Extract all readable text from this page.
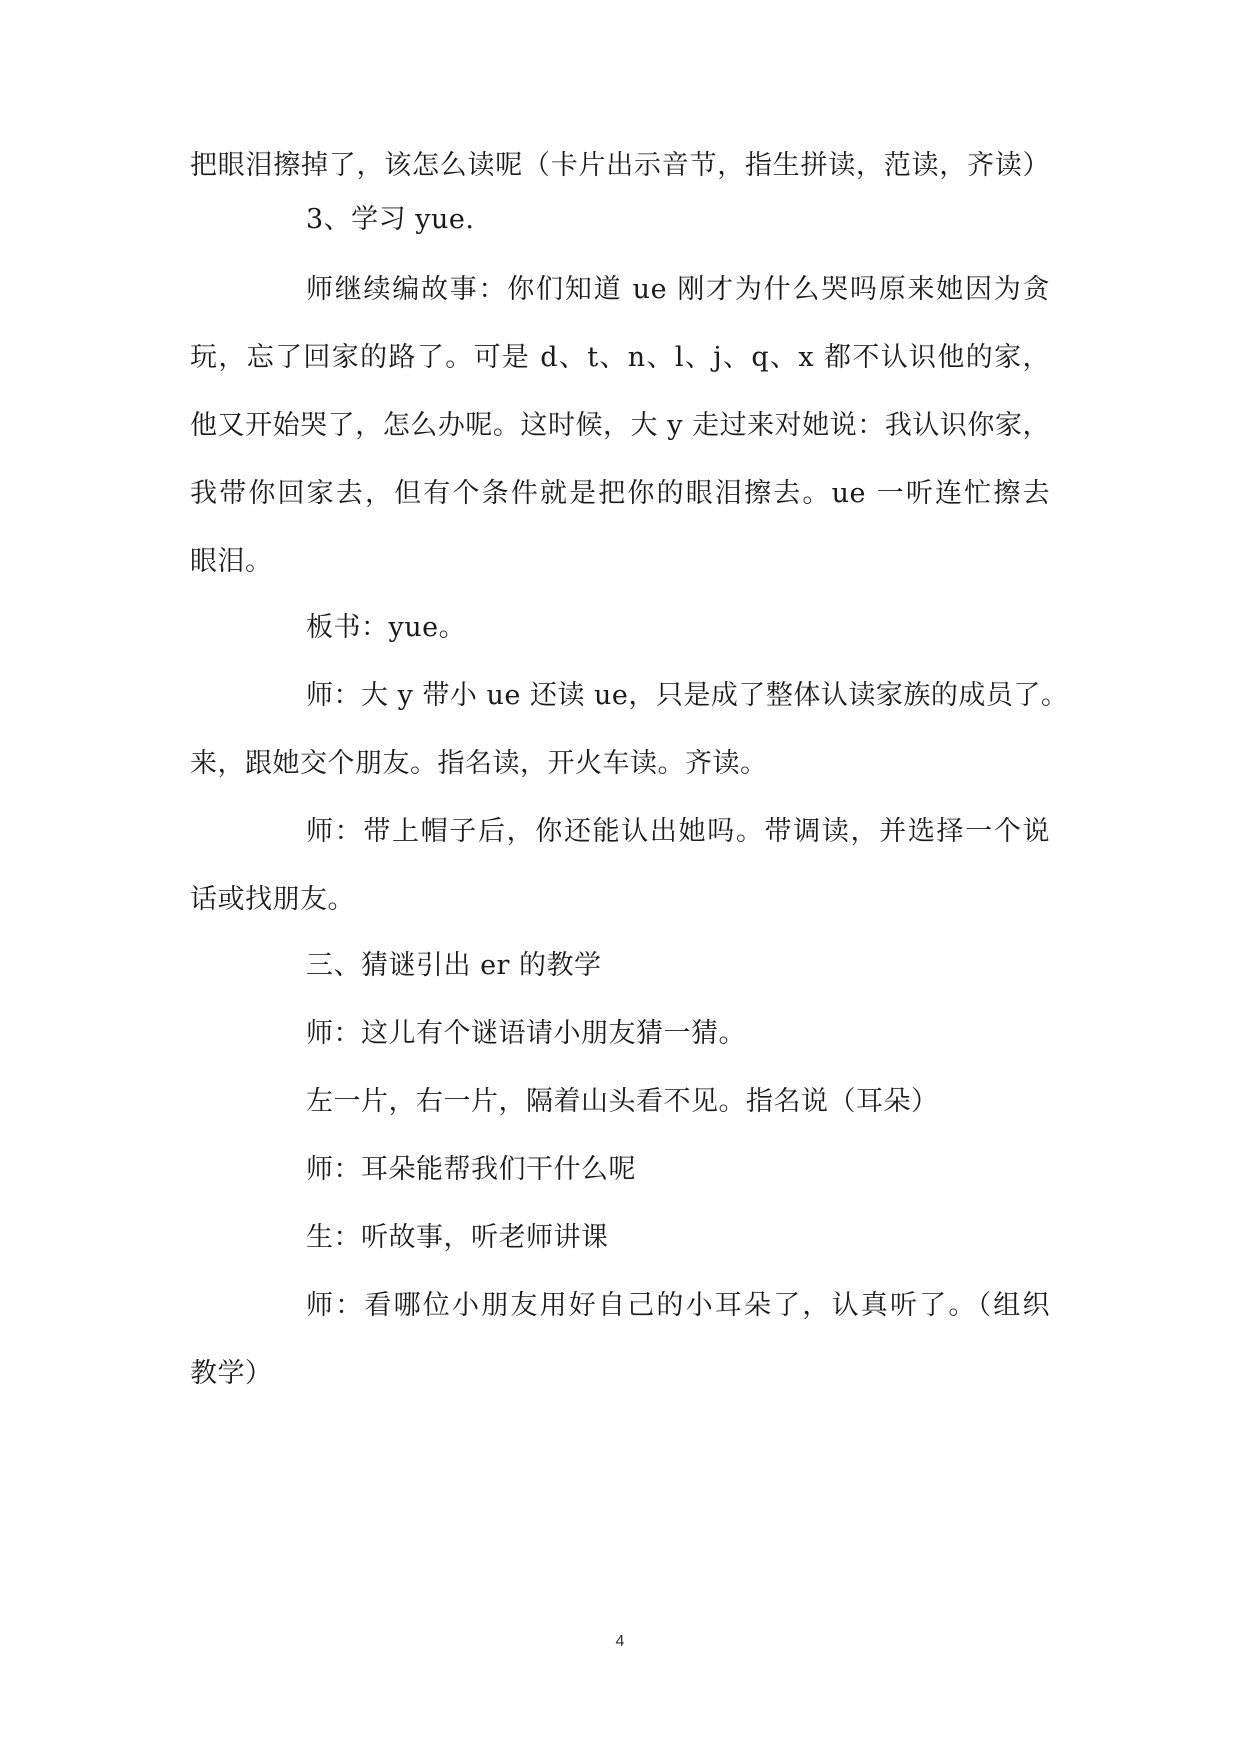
把眼泪擦掉了，该怎么读呢（卡片出示音节，指生拼读，范读，齐读）
3、学习 yue.
师继续编故事：你们知道 ue 刚才为什么哭吗原来她因为贪
玩，忘了回家的路了。可是 d、t、n、l、j、q、x 都不认识他的家，
他又开始哭了，怎么办呢。这时候，大 y 走过来对她说：我认识你家，
我带你回家去，但有个条件就是把你的眼泪擦去。ue 一听连忙擦去
眼泪。
板书：yue。
师：大 y 带小 ue 还读 ue，只是成了整体认读家族的成员了。
来，跟她交个朋友。指名读，开火车读。齐读。
师：带上帽子后，你还能认出她吗。带调读，并选择一个说
话或找朋友。
三、猜谜引出 er 的教学
师：这儿有个谜语请小朋友猜一猜。
左一片，右一片，隔着山头看不见。指名说（耳朵）
师：耳朵能帮我们干什么呢
生：听故事，听老师讲课
师：看哪位小朋友用好自己的小耳朵了，认真听了。（组织
教学）
4
